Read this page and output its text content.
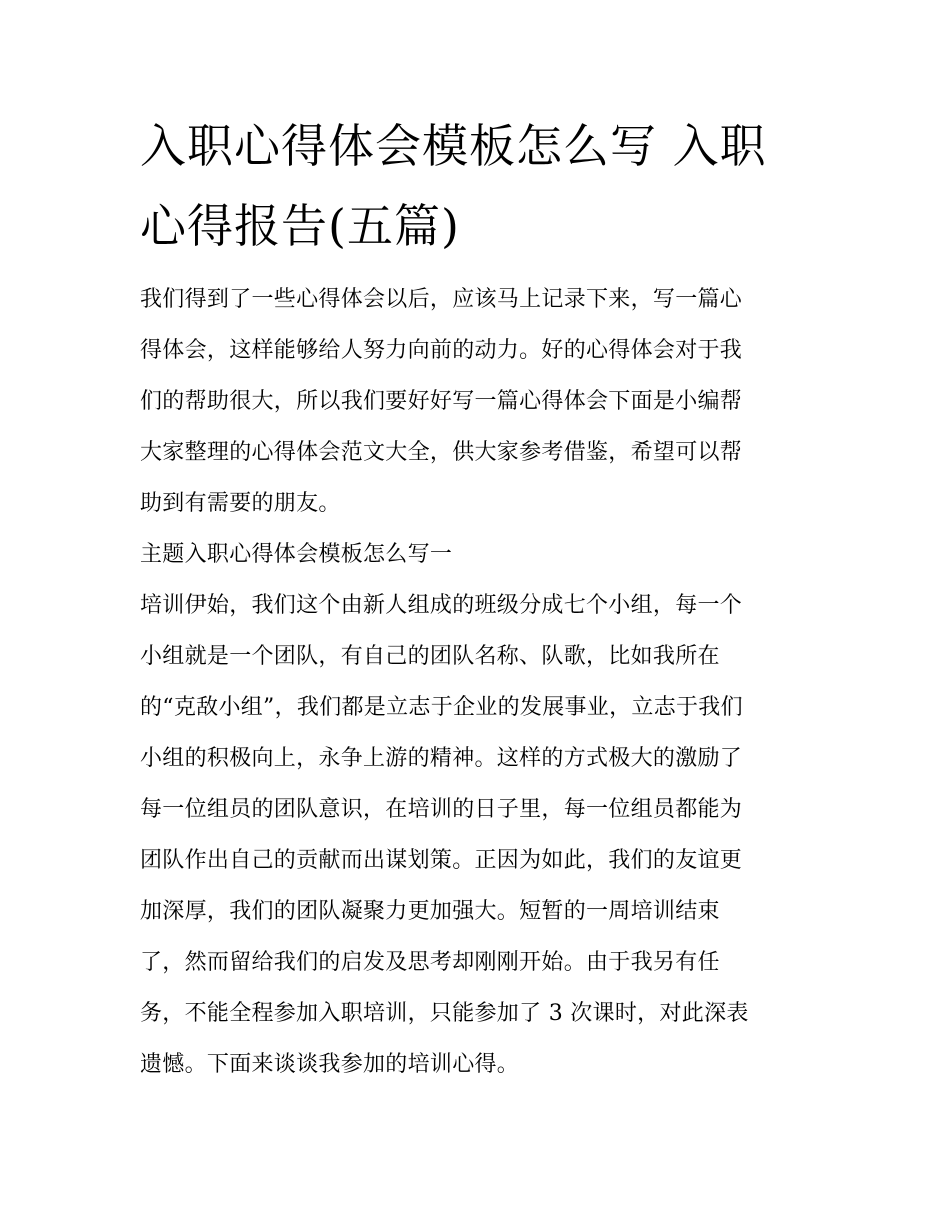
入职心得体会模板怎么写 入职
心得报告(五篇)
我们得到了一些心得体会以后，应该马上记录下来，写一篇心
得体会，这样能够给人努力向前的动力。好的心得体会对于我
们的帮助很大，所以我们要好好写一篇心得体会下面是小编帮
大家整理的心得体会范文大全，供大家参考借鉴，希望可以帮
助到有需要的朋友。
主题入职心得体会模板怎么写一
培训伊始，我们这个由新人组成的班级分成七个小组，每一个
小组就是一个团队，有自己的团队名称、队歌，比如我所在
的“克敌小组”，我们都是立志于企业的发展事业，立志于我们
小组的积极向上，永争上游的精神。这样的方式极大的激励了
每一位组员的团队意识，在培训的日子里，每一位组员都能为
团队作出自己的贡献而出谋划策。正因为如此，我们的友谊更
加深厚，我们的团队凝聚力更加强大。短暂的一周培训结束
了，然而留给我们的启发及思考却刚刚开始。由于我另有任
务，不能全程参加入职培训，只能参加了 3 次课时，对此深表
遗憾。下面来谈谈我参加的培训心得。
